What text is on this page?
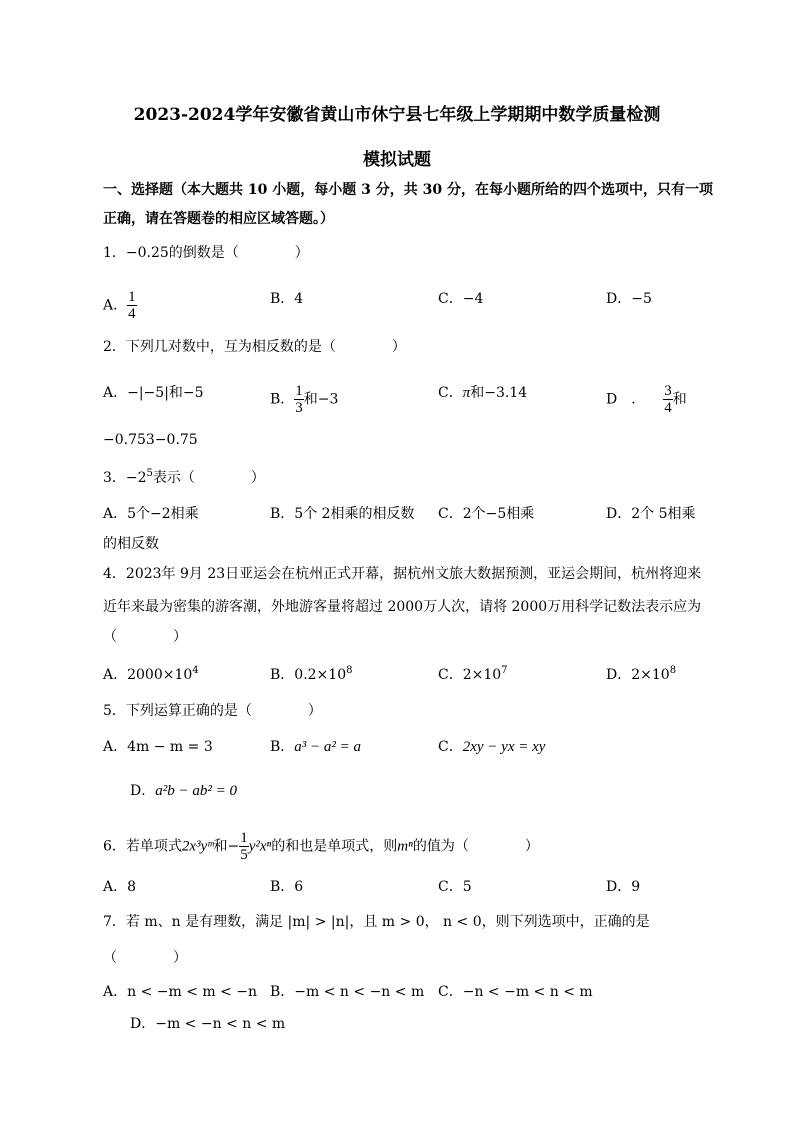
2023-2024学年安徽省黄山市休宁县七年级上学期期中数学质量检测
模拟试题
一、选择题（本大题共 10 小题，每小题 3 分，共 30 分，在每小题所给的四个选项中，只有一项
正确，请在答题卷的相应区域答题。）
1．−0.25的倒数是（　　　　）
A． $\frac{1}{4}$	B．4	C．−4	D．−5
2．下列几对数中，互为相反数的是（　　　　）
A．−|−5|和−5	B． $\frac{1}{3}$ 和−3	C．π和−3.14	D　． $\frac{3}{4}$ 和
−0.753−0.75
3．$-2^5$表示（　　　　）
A．5个−2相乘	B．5个 2相乘的相反数 C．2个−5相乘	D．2个 5相乘
的相反数
4．2023年 9月 23日亚运会在杭州正式开幕，据杭州文旅大数据预测，亚运会期间，杭州将迎来
近年来最为密集的游客潮，外地游客量将超过 2000万人次，请将 2000万用科学记数法表示应为
（　　　　）
A．$2000\times 10^4$	B．$0.2\times 10^8$	C．$2\times 10^7$	D．$2\times 10^8$
5．下列运算正确的是（　　　　）
A．4m − m = 3	B．a³ − a² = a	C．2xy − yx = xy
D．a²b − ab² = 0
6．若单项式2x³yᵐ和− $\frac{1}{5} y^2x^n$的和也是单项式，则mⁿ的值为（　　　　）
A．8	B．6	C．5	D．9
7．若 m、n 是有理数，满足 |m| > |n|，且 m > 0， n < 0，则下列选项中，正确的是
（　　　　）
A．n < −m < m < −n B．−m < n < −n < m C．−n < −m < n < m
D．−m < −n < n < m
